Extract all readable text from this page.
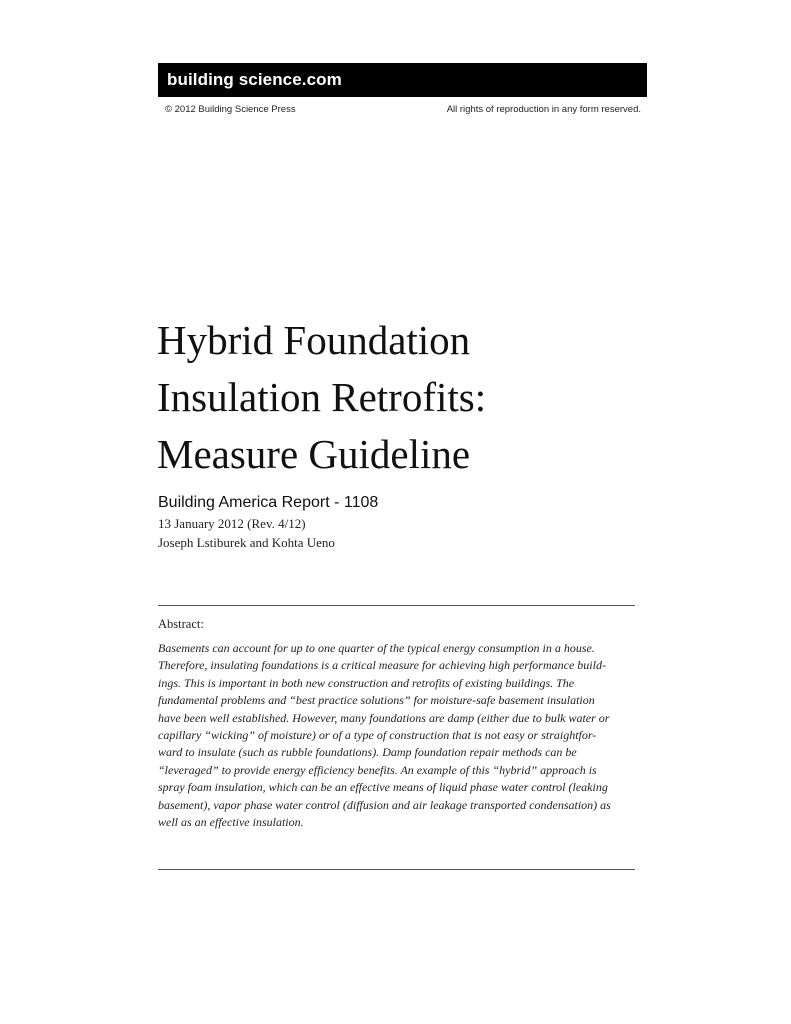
building science.com
© 2012 Building Science Press	All rights of reproduction in any form reserved.
Hybrid Foundation
Insulation Retrofits:
Measure Guideline
Building America Report - 1108
13 January 2012 (Rev. 4/12)
Joseph Lstiburek and Kohta Ueno
Abstract:
Basements can account for up to one quarter of the typical energy consumption in a house.
Therefore, insulating foundations is a critical measure for achieving high performance build-
ings. This is important in both new construction and retrofits of existing buildings. The
fundamental problems and “best practice solutions” for moisture-safe basement insulation
have been well established. However, many foundations are damp (either due to bulk water or
capillary “wicking” of moisture) or of a type of construction that is not easy or straightfor-
ward to insulate (such as rubble foundations). Damp foundation repair methods can be
“leveraged” to provide energy efficiency benefits. An example of this “hybrid” approach is
spray foam insulation, which can be an effective means of liquid phase water control (leaking
basement), vapor phase water control (diffusion and air leakage transported condensation) as
well as an effective insulation.
